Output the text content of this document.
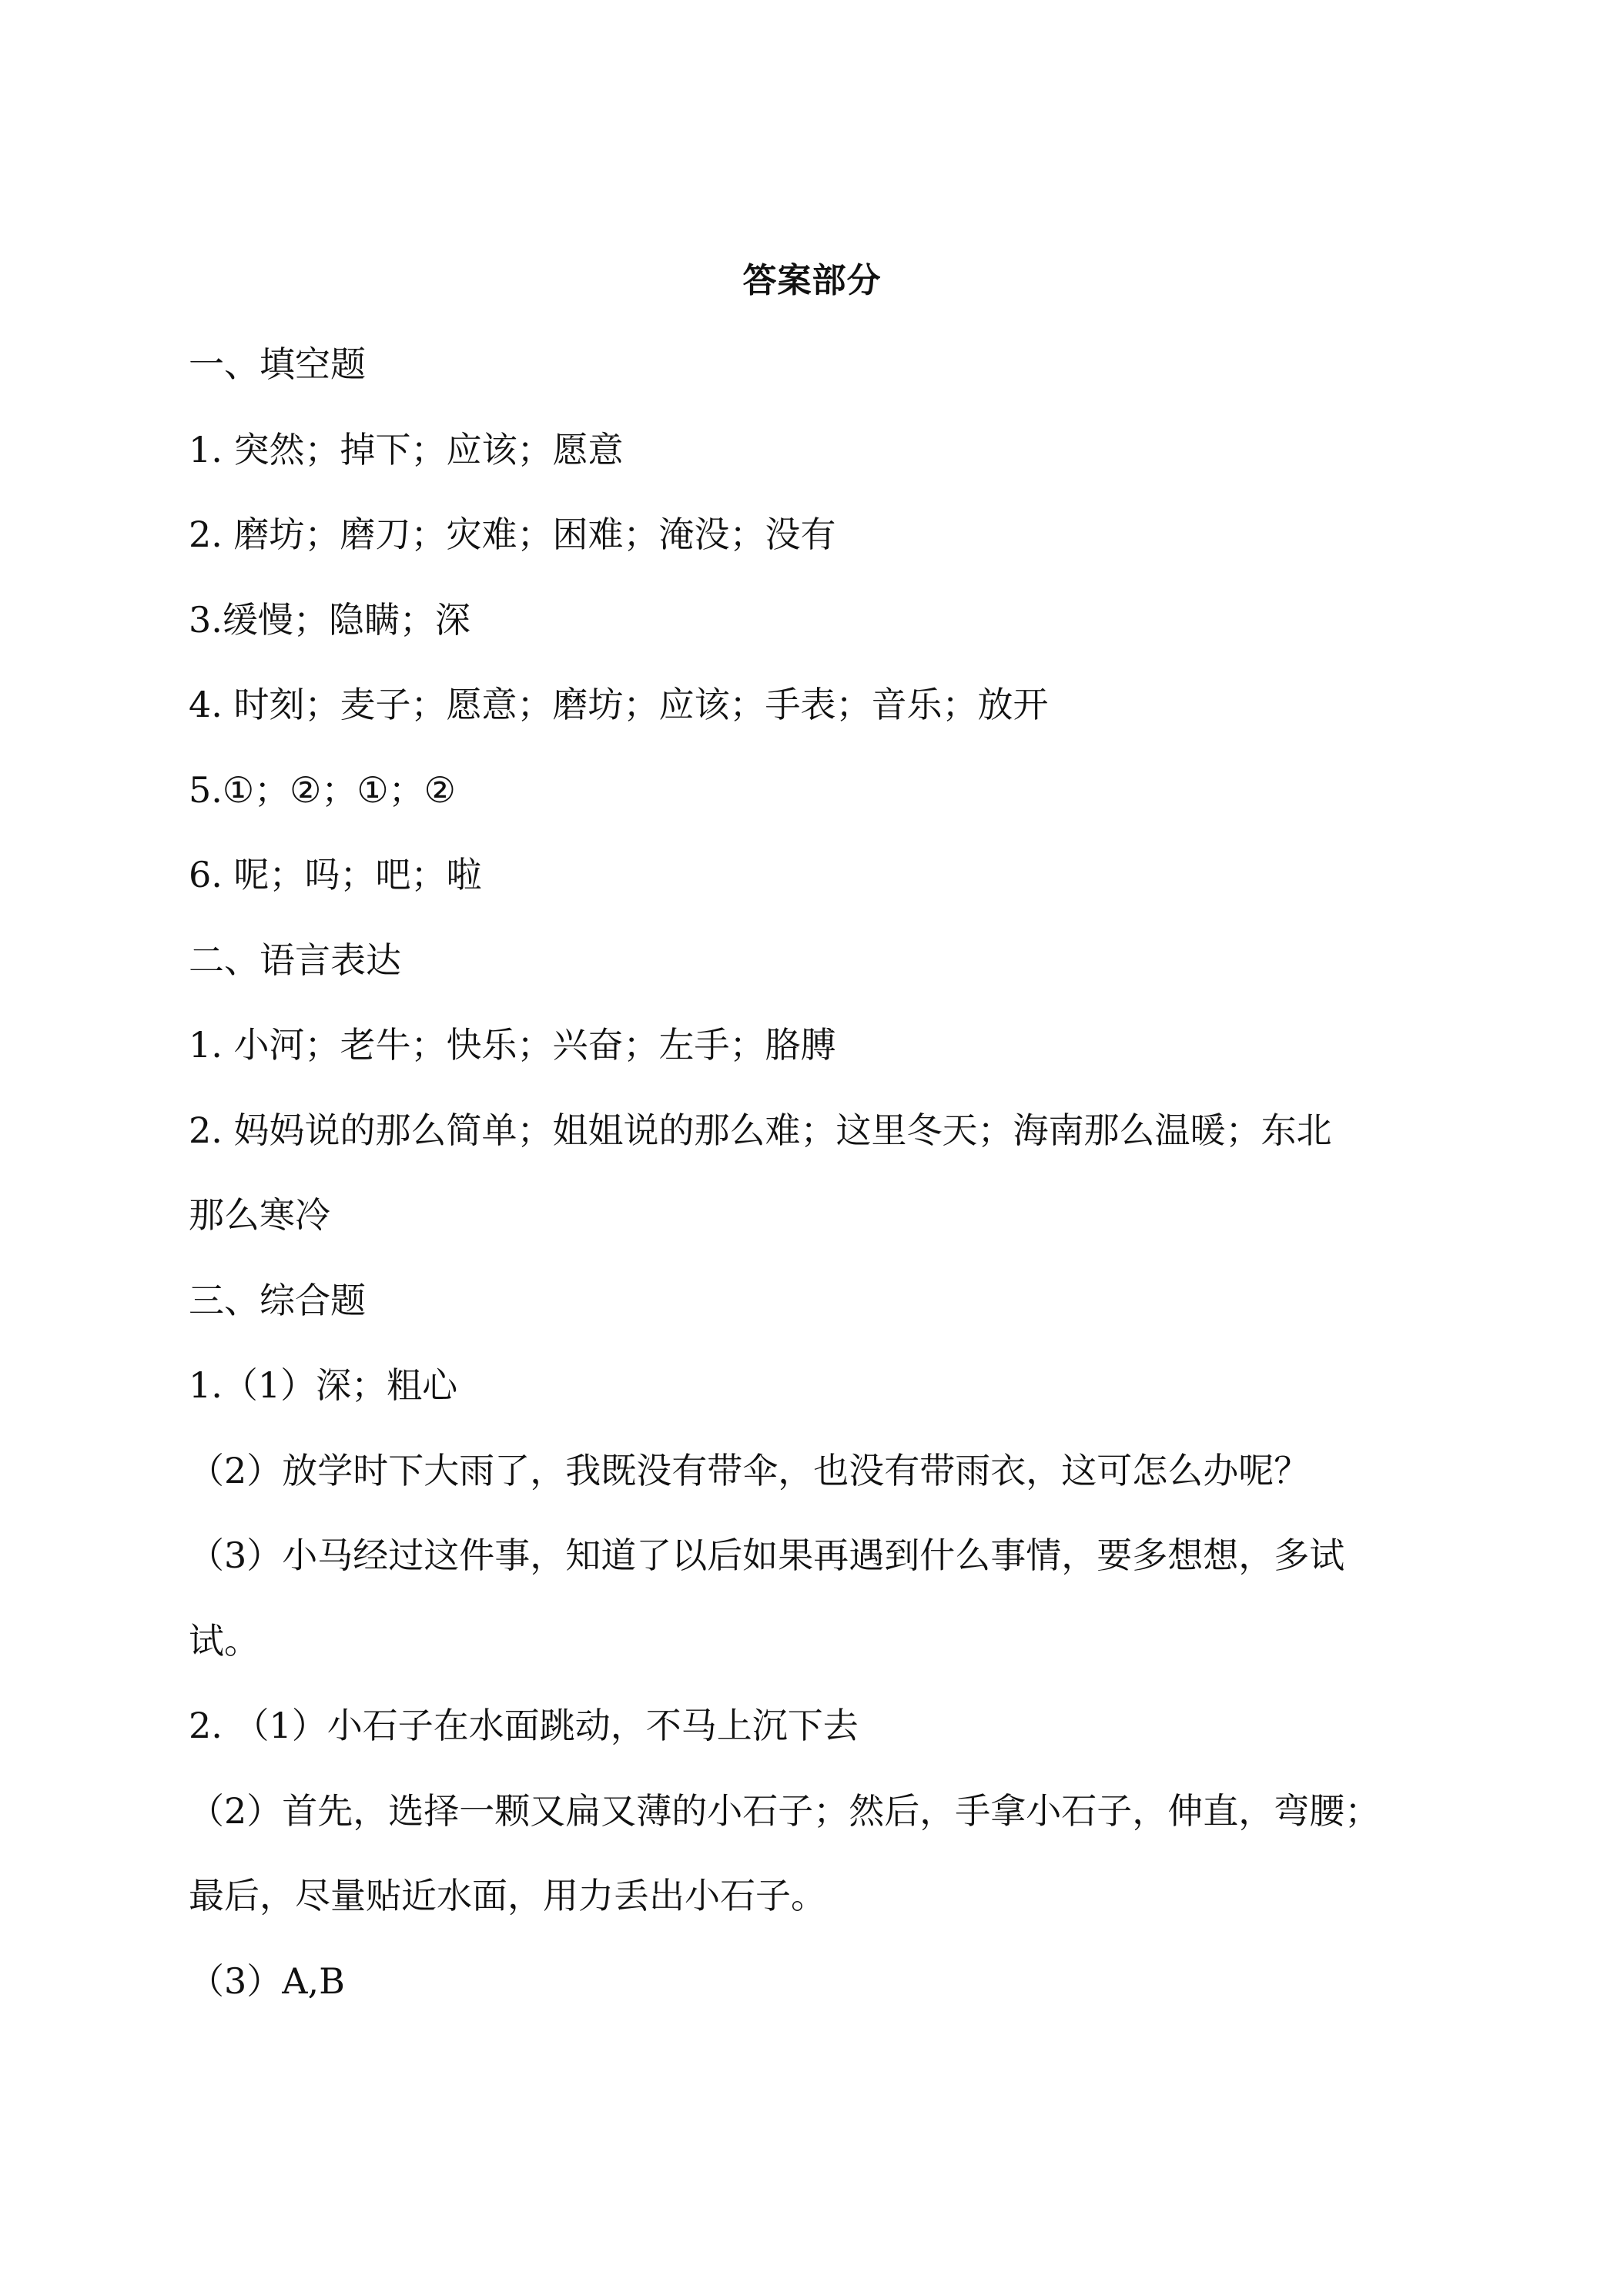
答案部分
一、填空题
1. 突然；掉下；应该；愿意
2. 磨坊；磨刀；灾难；困难；淹没；没有
3.缓慢；隐瞒；深
4. 时刻；麦子；愿意；磨坊；应该；手表；音乐；放开
5.①；②；①；②
6. 呢；吗；吧；啦
二、语言表达
1. 小河；老牛；快乐；兴奋；左手；胳膊
2. 妈妈说的那么简单；姐姐说的那么难；这里冬天；海南那么温暖；东北
那么寒冷
三、综合题
1.（1）深；粗心
（2）放学时下大雨了，我既没有带伞，也没有带雨衣，这可怎么办呢？
（3）小马经过这件事，知道了以后如果再遇到什么事情，要多想想，多试
试。
2. （1）小石子在水面跳动，不马上沉下去
（2）首先，选择一颗又扁又薄的小石子；然后，手拿小石子，伸直，弯腰；
最后，尽量贴近水面，用力丢出小石子。
（3）A,B
